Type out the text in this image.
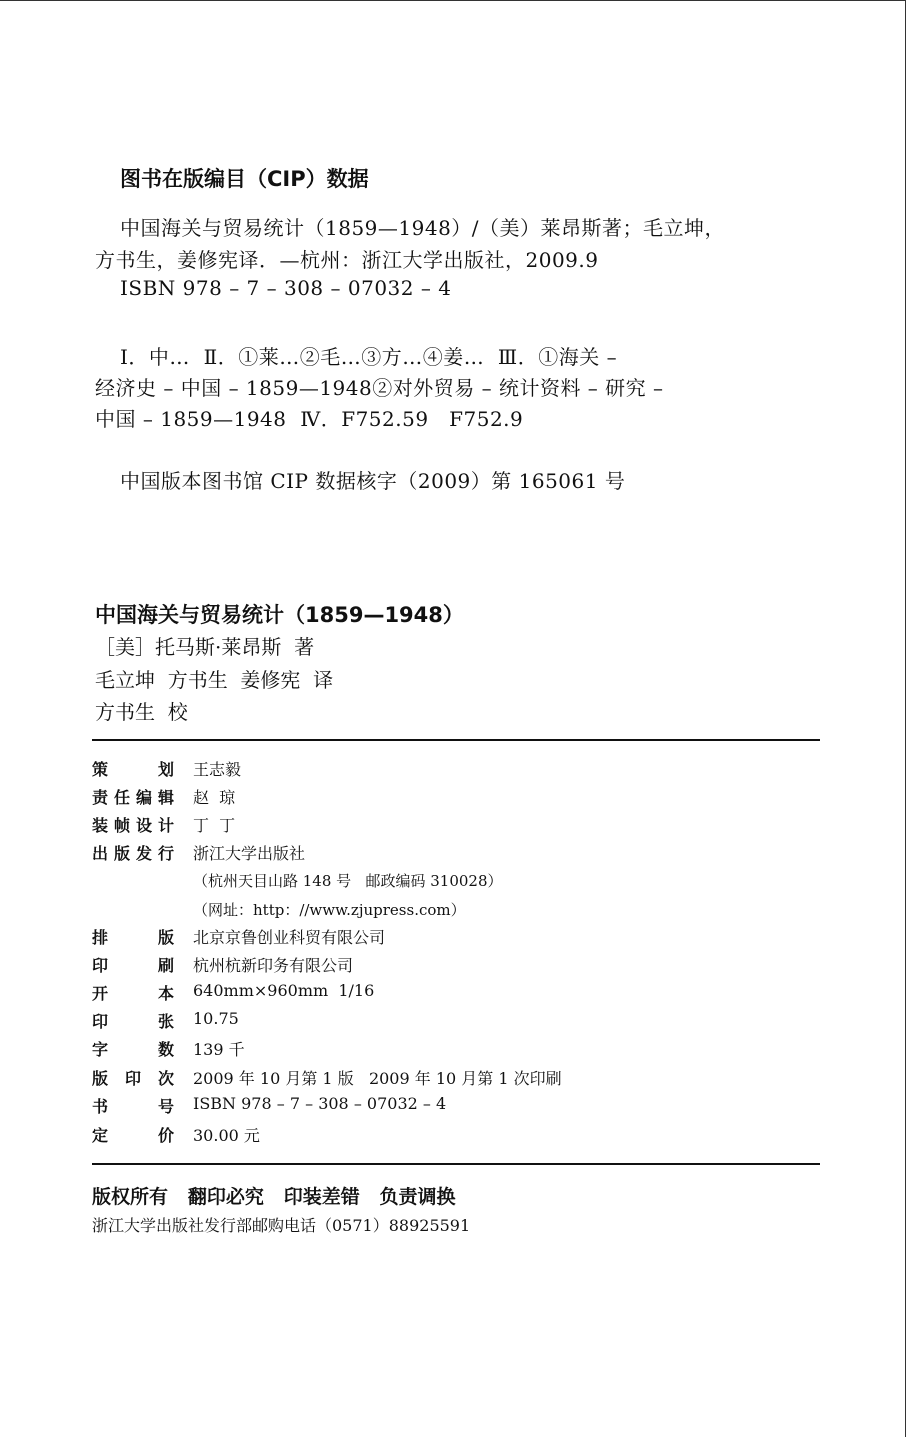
图书在版编目（CIP）数据
中国海关与贸易统计（1859—1948）/（美）莱昂斯著；毛立坤，
方书生，姜修宪译．—杭州：浙江大学出版社，2009.9
ISBN 978 – 7 – 308 – 07032 – 4
Ⅰ．中…  Ⅱ．①莱…②毛…③方…④姜…  Ⅲ．①海关 –
经济史 – 中国 – 1859—1948②对外贸易 – 统计资料 – 研究 –
中国 – 1859—1948  Ⅳ．F752.59   F752.9
中国版本图书馆 CIP 数据核字（2009）第 165061 号
中国海关与贸易统计（1859—1948）
［美］托马斯·莱昂斯  著
毛立坤  方书生  姜修宪  译
方书生  校
策	划 王志毅
责 任 编 辑 赵  琼
装 帧 设 计 丁  丁
出 版 发 行 浙江大学出版社
（杭州天目山路 148 号   邮政编码 310028）
（网址：http：//www.zjupress.com）
排	版 北京京鲁创业科贸有限公司
印	刷 杭州杭新印务有限公司
开	本 640mm×960mm  1/16
印	张 10.75
字	数 139 千
版 印 次 2009 年 10 月第 1 版   2009 年 10 月第 1 次印刷
书	号 ISBN 978 – 7 – 308 – 07032 – 4
定	价 30.00 元
版权所有   翻印必究   印装差错   负责调换
浙江大学出版社发行部邮购电话（0571）88925591
